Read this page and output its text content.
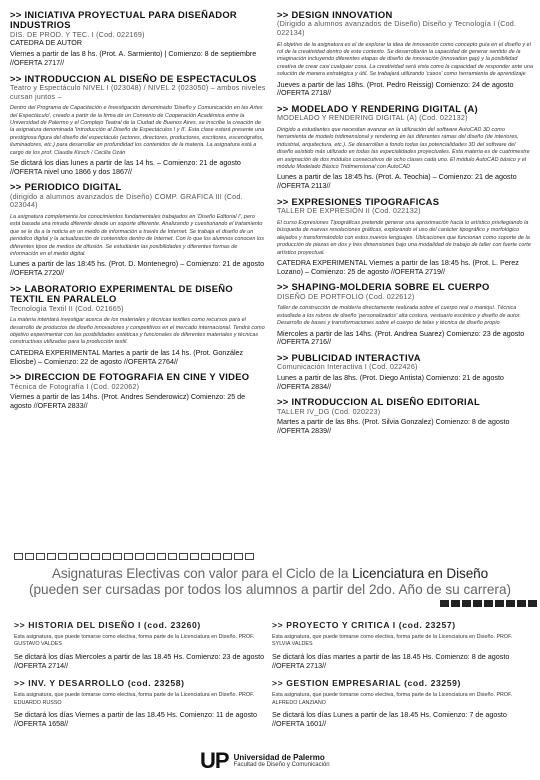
>> INICIATIVA PROYECTUAL PARA DISEÑADOR INDUSTRIOS
DIS. DE PROD. Y TEC. I (Cod. 022169)
CATEDRA DE AUTOR
Viernes a partir de las 8 hs. (Prot. A. Sarmiento) | Comienzo: 8 de septiembre //OFERTA 2717//
>> INTRODUCCION AL DISEÑO DE ESPECTACULOS
Teatro y Espectáculo NIVEL I (023048) / NIVEL 2 (023050) – ambos niveles cursan juntos –
Dentro del Programa de Capacitación e Investigación denominado 'Diseño y Comunicación en las Artes del Espectáculo', creado a partir de la firma de un Convenio de Cooperación Académica entre la Universidad de Palermo y el Complejo Teatral de la Ciudad de Buenos Aires, se inscribe la creación de la asignatura denominada 'Introducción al Diseño de Espectáculos I y II'. Esta clase estará presente una prestigiosa figura del diseño del espectáculo (actores, directores, productores, escritores, escenógrafos, iluminadores, etc.) para desarrollar en profundidad los contenidos de la materia. La asignatura está a cargo de los prof. Claudia Kirsch / Cecilia Ozán
Se dictará los dias lunes a partir de las 14 hs. – Comienzo: 21 de agosto //OFERTA nivel uno 1866 y dos 1867//
>> PERIODICO DIGITAL
(dirigido a alumnos avanzados de Diseño) COMP. GRAFICA III (Cod. 023044)
La asignatura complementa los conocimientos fundamentales trabajados en 'Diseño Editorial I', pero está basada una mirada diferente desde un soporte diferente. Analizando y cuestionando el tratamiento que se le da a la noticia en un medio de información a través de Internet. Se trabaja el diseño de un periódico digital y la actualización de contenidos dentro de Internet. Con lo que los alumnos conocen los diferentes tipos de medios de difusión. Se estudiarán las posibilidades y diferentes formas de información en el medio digital.
Lunes a partir de las 18:45 hs. (Prot. D. Montenegro) – Comienzo: 21 de agosto //OFERTA 2720//
>> LABORATORIO EXPERIMENTAL DE DISEÑO TEXTIL EN PARALELO
Tecnología Textil II (Cod. 021665)
La materia intentará investigar acerca de los materiales y técnicas textiles como recursos para el desarrollo de productos de diseño innovadores y competitivos en el mercado internacional. Tendrá como objetivo experimentar con las posibilidades estéticas y funcionales de diferentes materiales y técnicas constructivas utilizadas para la producción textil.
CATEDRA EXPERIMENTAL Martes a partir de las 14 hs. (Prot. González Eliosbe) – Comienzo: 22 de agosto //OFERTA 2764//
>> DIRECCION DE FOTOGRAFIA EN CINE Y VIDEO
Técnica de Fotografía I (Cod. 022062)
Viernes a partir de las 14hs. (Prot. Andres Senderowicz) Comienzo: 25 de agosto //OFERTA 2833//
>> DESIGN INNOVATION
(Dirigido a alumnos avanzados de Diseño) Diseño y Tecnología I (Cod. 022134)
El objetivo de la asignatura es el de explorar la idea de innovación como concepto guía en el diseño y el rol de la creatividad dentro de este contexto. Se desarrollarán la capacidad de generar sentido de la imaginación incluyendo diferentes etapas de diseño de innovación (innovation gap) y la posibilidad creativa de crear casi cualquier cosa. La creatividad será vista como la capacidad de responder ante una solución de manera estratégica y útil. Se trabajará utilizando 'casos' como herramienta de aprendizaje
Jueves a partir de las 18hs. (Prot. Pedro Reissig) Comienzo: 24 de agosto //OFERTA 2718//
>> MODELADO Y RENDERING DIGITAL (A)
MODELADO Y RENDERING DIGITAL (A) (Cod. 022132)
Dirigido a estudiantes que necesitan avanzar en la utilización del software AutoCAD 3D como herramienta de modelo tridimensional y rendering en las diferentes ramas del diseño (de interiores, industrial, arquitectura, etc.). Se desarrollan a fondo todas las potencialidades 3D del software del diseño asistido más utilizado en todas las especialidades proyectuales. Esta materia es de cuatrimestre en asignación de dos módulos consecutivos de ocho clases cada uno. El módulo AutoCAD básico y el módulo Modelado Básico Tridimensional con AutoCAD
Lunes a partir de las 18:45 hs. (Prot. A. Teochia) – Comienzo: 21 de agosto //OFERTA 2113//
>> EXPRESIONES TIPOGRAFICAS
TALLER DE EXPRESIÓN II (Cod. 022132)
El curso Expresiones Tipográficas pretende generar una aproximación hacia lo artístico privilegiando la búsqueda de nuevas resoluciones gráficas, explorando el uso del carácter tipográfico y morfológico alejados y transformándolo con estos nuevos lenguajes. Ubicaciones que funcionan como soporte de la producción de piezas en dos y tres dimensiones bajo una modalidad de trabajo de taller con fuerte corte artístico proyectual.
CATEDRA EXPERIMENTAL Viernes a partir de las 18:45 hs. (Prot. L. Perez Lozano) – Comienzo: 25 de agosto //OFERTA 2719//
>> SHAPING-MOLDERIA SOBRE EL CUERPO
DISEÑO DE PORTFOLIO (Cod. 022612)
Taller de construcción de moldería directamente realizada sobre el cuerpo real o maniquí. Técnica estudiada a los rubros de diseño 'personalizados' alta costura, vestuario escénico y diseño de autor. Desarrollo de bases y transformaciones sobre el cuerpo de telas y técnica de diseño propio
Miercoles a partir de las 14hs. (Prot. Andrea Suarez) Comienzo: 23 de agosto //OFERTA 2716//
>> PUBLICIDAD INTERACTIVA
Comunicación Interactiva I (Cod. 022426)
Lunes a partir de las 8hs. (Prot. Diego Antista) Comienzo: 21 de agosto //OFERTA 2834//
>> INTRODUCCION AL DISEÑO EDITORIAL
TALLER IV_DG (Cod. 020223)
Martes a partir de las 8hs. (Prot. Silvia Gonzalez) Comienzo: 8 de agosto //OFERTA 2839//
Asignaturas Electivas con valor para el Ciclo de la Licenciatura en Diseño
(pueden ser cursadas por todos los alumnos a partir del 2do. Año de su carrera)
>> HISTORIA DEL DISEÑO I (cod. 23260)
Esta asignatura, que puede tomarse como electiva, forma parte de la Licenciatura en Diseño. PROF. GUSTAVO VALDES
Se dictará los días Miercoles a partir de las 18.45 Hs. Comienzo: 23 de agosto //OFERTA 2714//
>> INV. Y DESARROLLO (cod. 23258)
Esta asignatura, que puede tomarse como electiva, forma parte de la Licenciatura en Diseño. PROF. EDUARDO RUSSO
Se dictará los días Viernes a partir de las 18.45 Hs. Comienzo: 11 de agosto //OFERTA 1658//
>> PROYECTO Y CRITICA I (cod. 23257)
Esta asignatura, que puede tomarse como electiva, forma parte de la Licenciatura en Diseño. PROF. SYLVIA VALDES
Se dictará los días martes a partir de las 18.45 Hs. Comienzo: 8 de agosto //OFERTA 2713//
>> GESTION EMPRESARIAL (cod. 23259)
Esta asignatura, que puede tomarse como electiva, forma parte de la Licenciatura en Diseño. PROF. ALFREDO LANZIANO
Se dictará los días Lunes a partir de las 18.45 Hs. Comienzo: 7 de agosto //OFERTA 1601//
UP Universidad de Palermo
Facultad de Diseño y Comunicación
